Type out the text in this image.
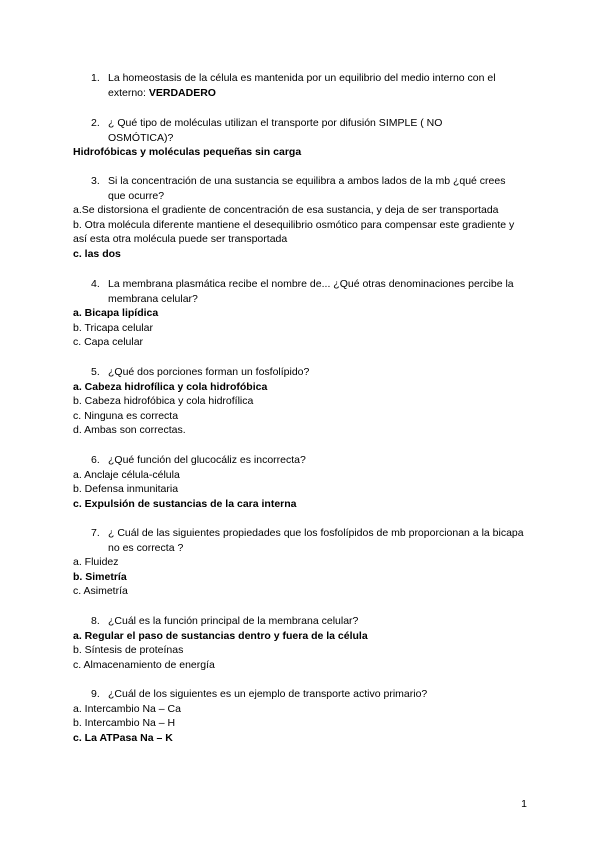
1. La homeostasis de la célula es mantenida por un equilibrio del medio interno con el externo: VERDADERO
2. ¿ Qué tipo de moléculas utilizan el transporte por difusión SIMPLE ( NO OSMÓTICA)?
Hidrofóbicas y moléculas pequeñas sin carga
3. Si la concentración de una sustancia se equilibra a ambos lados de la mb ¿qué crees que ocurre?
a.Se distorsiona el gradiente de concentración de esa sustancia, y deja de ser transportada
b. Otra molécula diferente mantiene el desequilibrio osmótico para compensar este gradiente y así esta otra molécula puede ser transportada
c. las dos
4. La membrana plasmática recibe el nombre de... ¿Qué otras denominaciones percibe la membrana celular?
a. Bicapa lipídica
b. Tricapa celular
c. Capa celular
5. ¿Qué dos porciones forman un fosfolípido?
a. Cabeza hidrofílica y cola hidrofóbica
b. Cabeza hidrofóbica y cola hidrofílica
c. Ninguna es correcta
d. Ambas son correctas.
6. ¿Qué función del glucocáliz es incorrecta?
a. Anclaje célula-célula
b. Defensa inmunitaria
c. Expulsión de sustancias de la cara interna
7. ¿ Cuál de las siguientes propiedades que los fosfolípidos de mb proporcionan a la bicapa no es correcta ?
a. Fluidez
b. Simetría
c. Asimetría
8. ¿Cuál es la función principal de la membrana celular?
a. Regular el paso de sustancias dentro y fuera de la célula
b. Síntesis de proteínas
c. Almacenamiento de energía
9. ¿Cuál de los siguientes es un ejemplo de transporte activo primario?
a. Intercambio Na – Ca
b. Intercambio Na – H
c. La ATPasa Na – K
1
